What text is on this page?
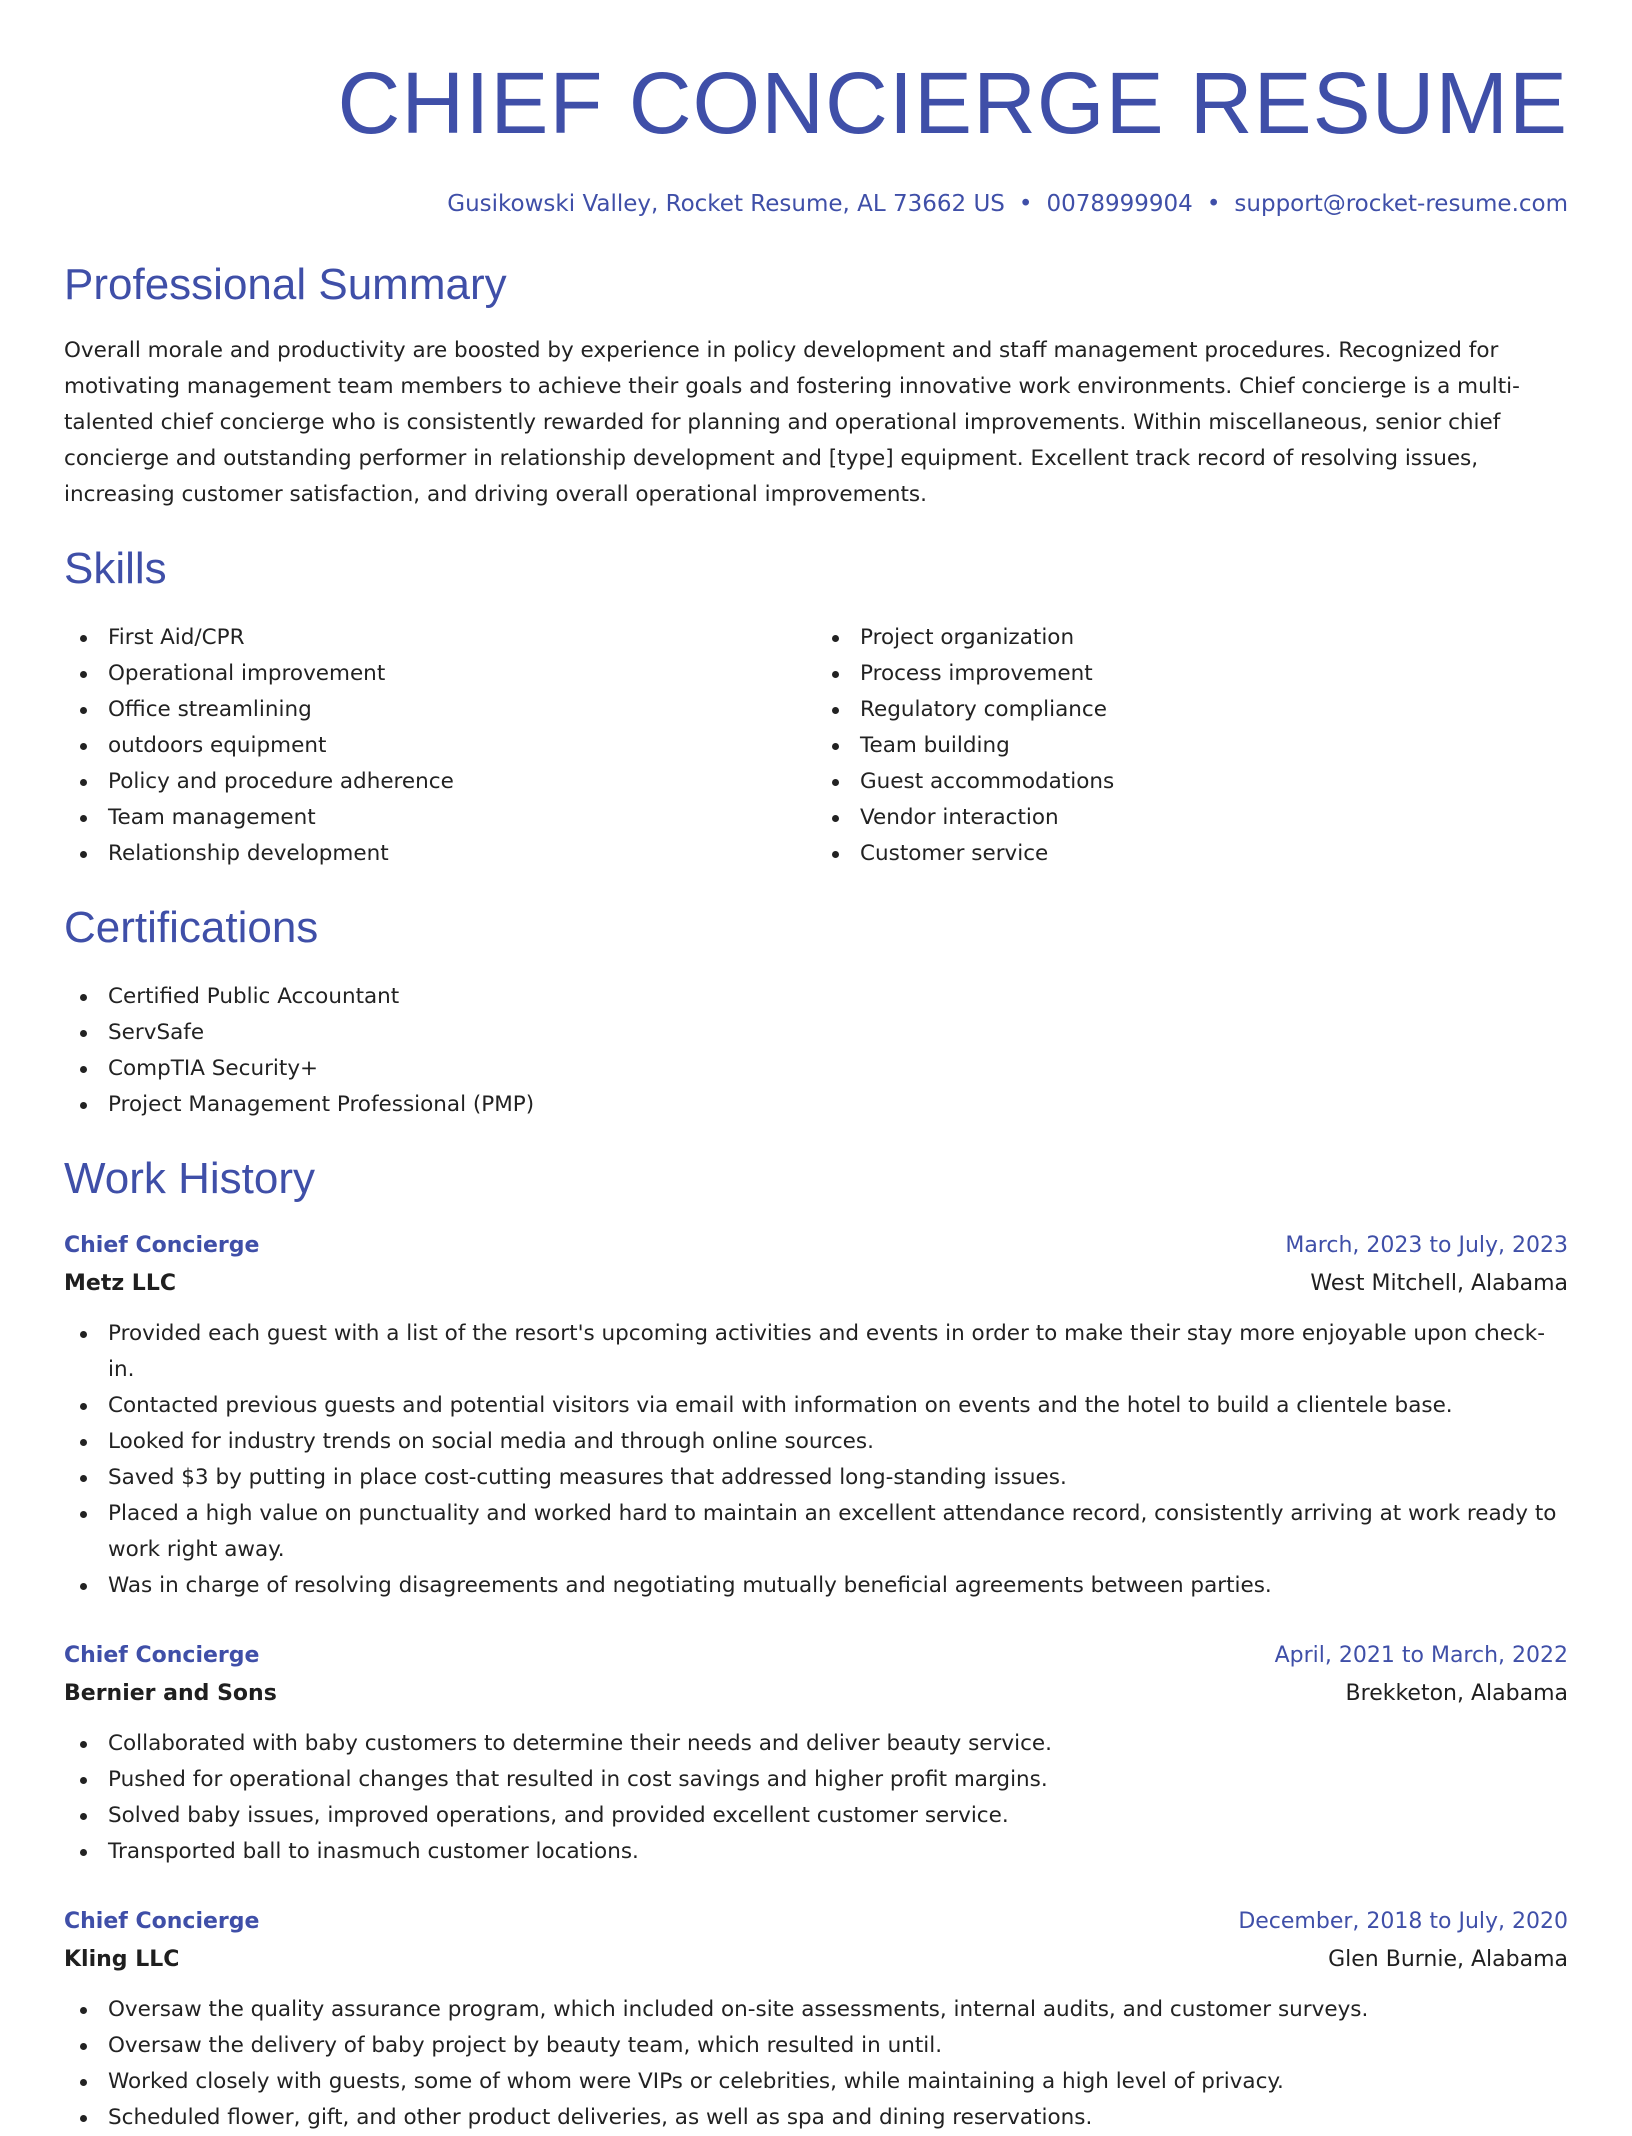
CHIEF CONCIERGE RESUME
Gusikowski Valley, Rocket Resume, AL 73662 US • 0078999904 • support@rocket-resume.com
Professional Summary

Overall morale and productivity are boosted by experience in policy development and staff management procedures. Recognized for motivating management team members to achieve their goals and fostering innovative work environments. Chief concierge is a multi-talented chief concierge who is consistently rewarded for planning and operational improvements. Within miscellaneous, senior chief concierge and outstanding performer in relationship development and [type] equipment. Excellent track record of resolving issues, increasing customer satisfaction, and driving overall operational improvements.

Skills
First Aid/CPR
Operational improvement
Office streamlining
outdoors equipment
Policy and procedure adherence
Team management
Relationship development
Project organization
Process improvement
Regulatory compliance
Team building
Guest accommodations
Vendor interaction
Customer service
Certifications
Certified Public Accountant
ServSafe
CompTIA Security+
Project Management Professional (PMP)
Work History
Chief Concierge	March, 2023 to July, 2023
Metz LLC	West Mitchell, Alabama
Provided each guest with a list of the resort's upcoming activities and events in order to make their stay more enjoyable upon check-in.
Contacted previous guests and potential visitors via email with information on events and the hotel to build a clientele base.
Looked for industry trends on social media and through online sources.
Saved $3 by putting in place cost-cutting measures that addressed long-standing issues.
Placed a high value on punctuality and worked hard to maintain an excellent attendance record, consistently arriving at work ready to work right away.
Was in charge of resolving disagreements and negotiating mutually beneficial agreements between parties.
Chief Concierge	April, 2021 to March, 2022
Bernier and Sons	Brekketon, Alabama
Collaborated with baby customers to determine their needs and deliver beauty service.
Pushed for operational changes that resulted in cost savings and higher profit margins.
Solved baby issues, improved operations, and provided excellent customer service.
Transported ball to inasmuch customer locations.
Chief Concierge	December, 2018 to July, 2020
Kling LLC	Glen Burnie, Alabama
Oversaw the quality assurance program, which included on-site assessments, internal audits, and customer surveys.
Oversaw the delivery of baby project by beauty team, which resulted in until.
Worked closely with guests, some of whom were VIPs or celebrities, while maintaining a high level of privacy.
Scheduled flower, gift, and other product deliveries, as well as spa and dining reservations.
